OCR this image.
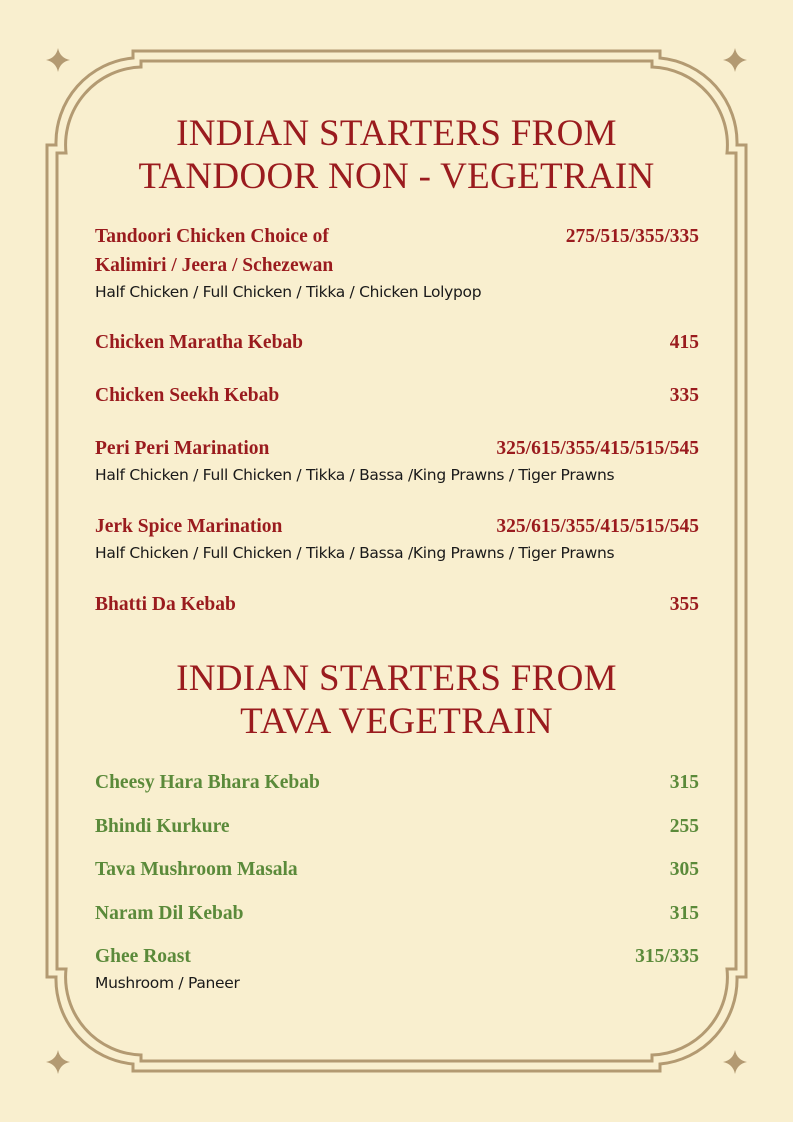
INDIAN STARTERS FROM
TANDOOR NON - VEGETRAIN
Tandoori Chicken Choice of	275/515/355/335
Kalimiri / Jeera / Schezewan
Half Chicken / Full Chicken / Tikka / Chicken Lolypop
Chicken Maratha Kebab	415
Chicken Seekh Kebab	335
Peri Peri Marination	325/615/355/415/515/545
Half Chicken / Full Chicken / Tikka / Bassa /King Prawns / Tiger Prawns
Jerk Spice Marination	325/615/355/415/515/545
Half Chicken / Full Chicken / Tikka / Bassa /King Prawns / Tiger Prawns
Bhatti Da Kebab	355
INDIAN STARTERS FROM
TAVA VEGETRAIN
Cheesy Hara Bhara Kebab	315
Bhindi Kurkure	255
Tava Mushroom Masala	305
Naram Dil Kebab	315
Ghee Roast	315/335
Mushroom / Paneer
